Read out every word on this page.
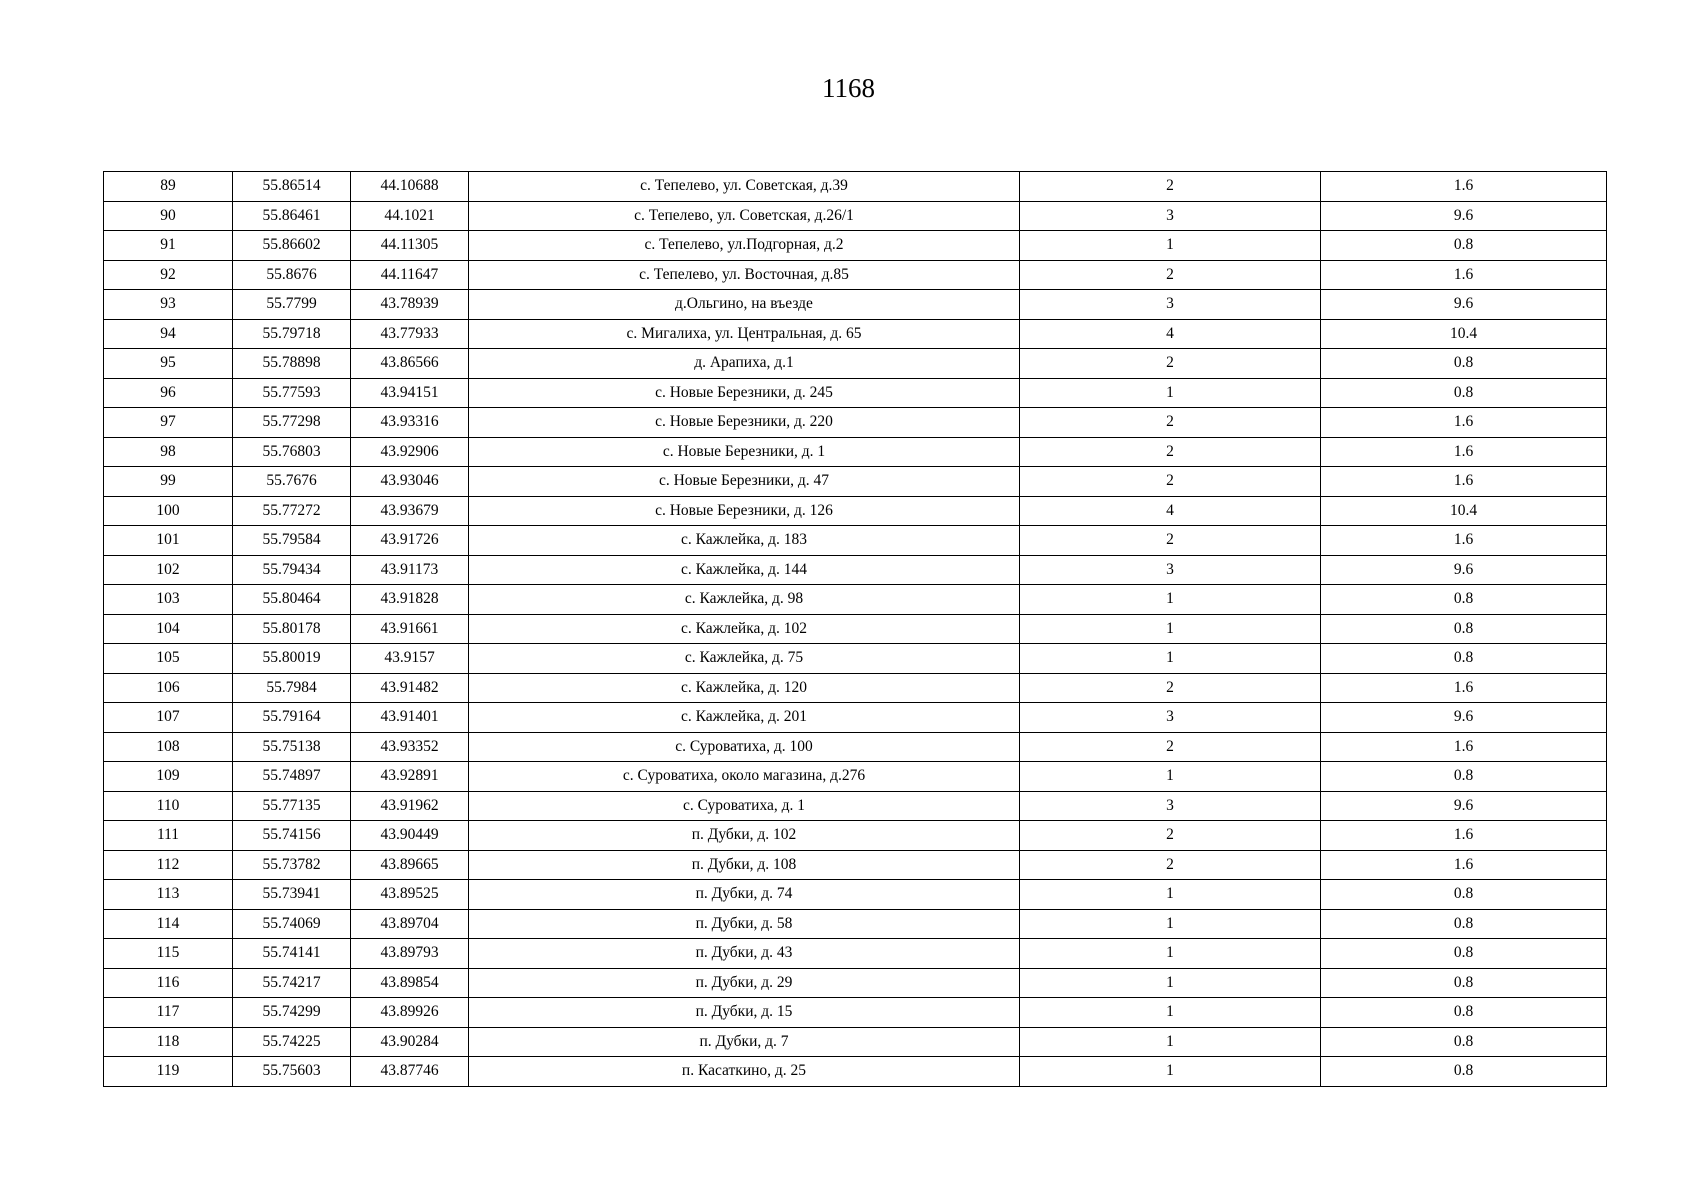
1168
89	55.86514	44.10688	с. Тепелево, ул. Советская, д.39	2	1.6
90	55.86461	44.1021	с. Тепелево, ул. Советская, д.26/1	3	9.6
91	55.86602	44.11305	с. Тепелево, ул.Подгорная, д.2	1	0.8
92	55.8676	44.11647	с. Тепелево, ул. Восточная, д.85	2	1.6
93	55.7799	43.78939	д.Ольгино, на въезде	3	9.6
94	55.79718	43.77933	с. Мигалиха, ул. Центральная, д. 65	4	10.4
95	55.78898	43.86566	д. Арапиха, д.1	2	0.8
96	55.77593	43.94151	с. Новые Березники, д. 245	1	0.8
97	55.77298	43.93316	с. Новые Березники, д. 220	2	1.6
98	55.76803	43.92906	с. Новые Березники, д. 1	2	1.6
99	55.7676	43.93046	с. Новые Березники, д. 47	2	1.6
100	55.77272	43.93679	с. Новые Березники, д. 126	4	10.4
101	55.79584	43.91726	с. Кажлейка, д. 183	2	1.6
102	55.79434	43.91173	с. Кажлейка, д. 144	3	9.6
103	55.80464	43.91828	с. Кажлейка, д. 98	1	0.8
104	55.80178	43.91661	с. Кажлейка, д. 102	1	0.8
105	55.80019	43.9157	с. Кажлейка, д. 75	1	0.8
106	55.7984	43.91482	с. Кажлейка, д. 120	2	1.6
107	55.79164	43.91401	с. Кажлейка, д. 201	3	9.6
108	55.75138	43.93352	с. Суроватиха, д. 100	2	1.6
109	55.74897	43.92891	с. Суроватиха, около магазина, д.276	1	0.8
110	55.77135	43.91962	с. Суроватиха, д. 1	3	9.6
111	55.74156	43.90449	п. Дубки, д. 102	2	1.6
112	55.73782	43.89665	п. Дубки, д. 108	2	1.6
113	55.73941	43.89525	п. Дубки, д. 74	1	0.8
114	55.74069	43.89704	п. Дубки, д. 58	1	0.8
115	55.74141	43.89793	п. Дубки, д. 43	1	0.8
116	55.74217	43.89854	п. Дубки, д. 29	1	0.8
117	55.74299	43.89926	п. Дубки, д. 15	1	0.8
118	55.74225	43.90284	п. Дубки, д. 7	1	0.8
119	55.75603	43.87746	п. Касаткино, д. 25	1	0.8
